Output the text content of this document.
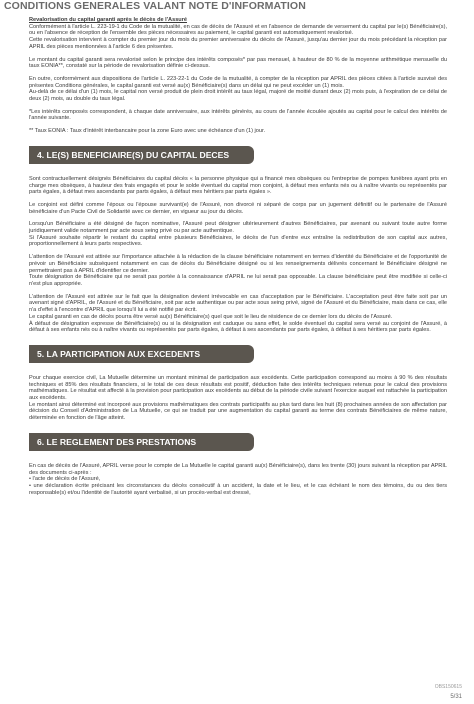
CONDITIONS GENERALES VALANT NOTE D'INFORMATION
Revalorisation du capital garanti après le décès de l'Assuré
Conformément à l'article L. 223-19-1 du Code de la mutualité, en cas de décès de l'Assuré et en l'absence de demande de versement du capital par le(s) Bénéficiaire(s), ou en l'absence de réception de l'ensemble des pièces nécessaires au paiement, le capital garanti est automatiquement revalorisé.
Cette revalorisation intervient à compter du premier jour du mois du premier anniversaire du décès de l'Assuré, jusqu'au dernier jour du mois précédant la réception par APRIL des pièces mentionnées à l'article 6 des présentes.
Le montant du capital garanti sera revalorisé selon le principe des intérêts composés* par pas mensuel, à hauteur de 80 % de la moyenne arithmétique mensuelle du taux EONIA**, constaté sur la période de revalorisation définie ci-dessus.
En outre, conformément aux dispositions de l'article L. 223-22-1 du Code de la mutualité, à compter de la réception par APRIL des pièces citées à l'article susvisé des présentes Conditions générales, le capital garanti est versé au(x) Bénéficiaire(s) dans un délai qui ne peut excéder un (1) mois.
Au-delà de ce délai d'un (1) mois, le capital non versé produit de plein droit intérêt au taux légal, majoré de moitié durant deux (2) mois puis, à l'expiration de ce délai de deux (2) mois, au double du taux légal.
*Les intérêts composés correspondent, à chaque date anniversaire, aux intérêts générés, au cours de l'année écoulée ajoutés au capital pour le calcul des intérêts de l'année suivante.
** Taux EONIA : Taux d'intérêt interbancaire pour la zone Euro avec une échéance d'un (1) jour.
4. LE(S) BENEFICIAIRE(S) DU CAPITAL DECES
Sont contractuellement désignés Bénéficiaires du capital décès « la personne physique qui a financé mes obsèques ou l'entreprise de pompes funèbres ayant pris en charge mes obsèques, à hauteur des frais engagés et pour le solde éventuel du capital mon conjoint, à défaut mes enfants nés ou à naître vivants ou représentés par parts égales, à défaut mes ascendants par parts égales, à défaut mes héritiers par parts égales ».
Le conjoint est défini comme l'époux ou l'épouse survivant(e) de l'Assuré, non divorcé ni séparé de corps par un jugement définitif ou le partenaire de l'Assuré bénéficiaire d'un Pacte Civil de Solidarité avec ce dernier, en vigueur au jour du décès.
Lorsqu'un Bénéficiaire a été désigné de façon nominative, l'Assuré peut désigner ultérieurement d'autres Bénéficiaires, par avenant ou suivant toute autre forme juridiquement valide notamment par acte sous seing privé ou par acte authentique.
Si l'Assuré souhaite répartir le restant du capital entre plusieurs Bénéficiaires, le décès de l'un d'entre eux entraîne la redistribution de son capital aux autres, proportionnellement à leurs parts respectives.
L'attention de l'Assuré est attirée sur l'importance attachée à la rédaction de la clause bénéficiaire notamment en termes d'identité du Bénéficiaire et de l'opportunité de prévoir un Bénéficiaire subséquent notamment en cas de décès du Bénéficiaire désigné ou si les renseignements délivrés concernant le Bénéficiaire désigné ne permettraient pas à APRIL d'identifier ce dernier.
Toute désignation de Bénéficiaire qui ne serait pas portée à la connaissance d'APRIL ne lui serait pas opposable. La clause bénéficiaire peut être modifiée si celle-ci n'est plus appropriée.
L'attention de l'Assuré est attirée sur le fait que la désignation devient irrévocable en cas d'acceptation par le Bénéficiaire. L'acceptation peut être faite soit par un avenant signé d'APRIL, de l'Assuré et du Bénéficiaire, soit par acte authentique ou par acte sous seing privé, signé de l'Assuré et du Bénéficiaire, mais dans ce cas, elle n'a d'effet à l'encontre d'APRIL que lorsqu'il lui a été notifié par écrit.
Le capital garanti en cas de décès pourra être versé au(x) Bénéficiaire(s) quel que soit le lieu de résidence de ce dernier lors du décès de l'Assuré.
À défaut de désignation expresse de Bénéficiaire(s) ou si la désignation est caduque ou sans effet, le solde éventuel du capital sera versé au conjoint de l'Assuré, à défaut à ses enfants nés ou à naître vivants ou représentés par parts égales, à défaut à ses ascendants par parts égales, à défaut à ses héritiers par parts égales.
5. LA PARTICIPATION AUX EXCEDENTS
Pour chaque exercice civil, La Mutuelle détermine un montant minimal de participation aux excédents. Cette participation correspond au moins à 90 % des résultats techniques et 85% des résultats financiers, si le total de ces deux résultats est positif, déduction faite des intérêts techniques retenus pour le calcul des provisions mathématiques. Le résultat est affecté à la provision pour participation aux excédents au début de la période civile suivant l'exercice auquel est rattachée la participation aux excédents.
Le montant ainsi déterminé est incorporé aux provisions mathématiques des contrats participatifs au plus tard dans les huit (8) prochaines années de son affectation par décision du Conseil d'Administration de La Mutuelle, ce qui se traduit par une augmentation du capital garanti au terme des contrats Bénéficiaires de même nature, déterminée en fonction de l'âge atteint.
6. LE REGLEMENT DES PRESTATIONS
En cas de décès de l'Assuré, APRIL verse pour le compte de La Mutuelle le capital garanti au(x) Bénéficiaire(s), dans les trente (30) jours suivant la réception par APRIL des documents ci-après :
• l'acte de décès de l'Assuré,
• une déclaration écrite précisant les circonstances du décès consécutif à un accident, la date et le lieu, et le cas échéant le nom des témoins, du ou des tiers responsable(s) et/ou l'identité de l'autorité ayant verbalisé, si un procès-verbal est dressé,
OBS150615
5/31
